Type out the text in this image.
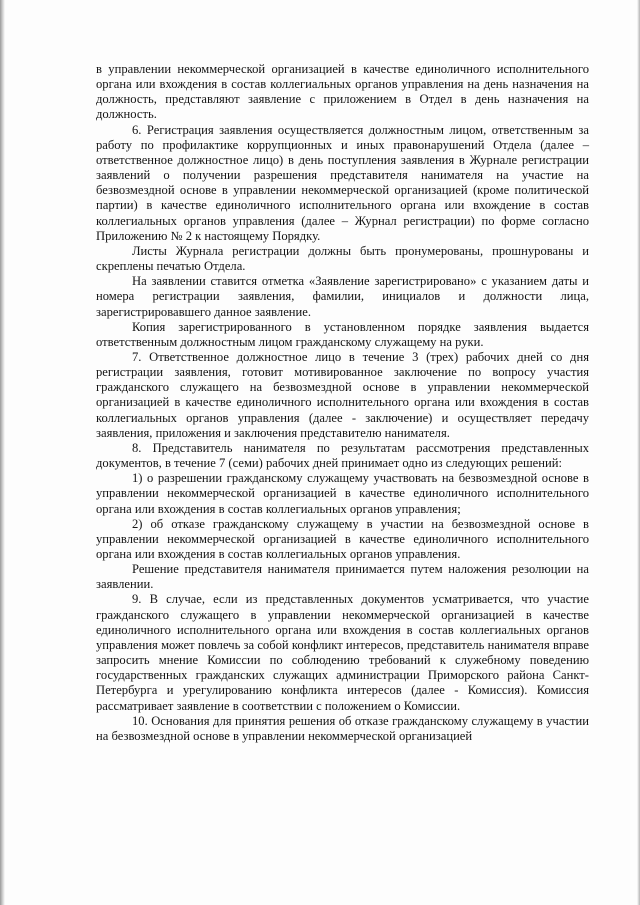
в управлении некоммерческой организацией в качестве единоличного исполнительного органа или вхождения в состав коллегиальных органов управления на день назначения на должность, представляют заявление с приложением в Отдел в день назначения на должность.

6. Регистрация заявления осуществляется должностным лицом, ответственным за работу по профилактике коррупционных и иных правонарушений Отдела (далее – ответственное должностное лицо) в день поступления заявления в Журнале регистрации заявлений о получении разрешения представителя нанимателя на участие на безвозмездной основе в управлении некоммерческой организацией (кроме политической партии) в качестве единоличного исполнительного органа или вхождение в состав коллегиальных органов управления (далее – Журнал регистрации) по форме согласно Приложению № 2 к настоящему Порядку.

Листы Журнала регистрации должны быть пронумерованы, прошнурованы и скреплены печатью Отдела.

На заявлении ставится отметка «Заявление зарегистрировано» с указанием даты и номера регистрации заявления, фамилии, инициалов и должности лица, зарегистрировавшего данное заявление.

Копия зарегистрированного в установленном порядке заявления выдается ответственным должностным лицом гражданскому служащему на руки.

7. Ответственное должностное лицо в течение 3 (трех) рабочих дней со дня регистрации заявления, готовит мотивированное заключение по вопросу участия гражданского служащего на безвозмездной основе в управлении некоммерческой организацией в качестве единоличного исполнительного органа или вхождения в состав коллегиальных органов управления (далее - заключение) и осуществляет передачу заявления, приложения и заключения представителю нанимателя.

8. Представитель нанимателя по результатам рассмотрения представленных документов, в течение 7 (семи) рабочих дней принимает одно из следующих решений:

1) о разрешении гражданскому служащему участвовать на безвозмездной основе в управлении некоммерческой организацией в качестве единоличного исполнительного органа или вхождения в состав коллегиальных органов управления;

2) об отказе гражданскому служащему в участии на безвозмездной основе в управлении некоммерческой организацией в качестве единоличного исполнительного органа или вхождения в состав коллегиальных органов управления.

Решение представителя нанимателя принимается путем наложения резолюции на заявлении.

9. В случае, если из представленных документов усматривается, что участие гражданского служащего в управлении некоммерческой организацией в качестве единоличного исполнительного органа или вхождения в состав коллегиальных органов управления может повлечь за собой конфликт интересов, представитель нанимателя вправе запросить мнение Комиссии по соблюдению требований к служебному поведению государственных гражданских служащих администрации Приморского района Санкт-Петербурга и урегулированию конфликта интересов (далее - Комиссия). Комиссия рассматривает заявление в соответствии с положением о Комиссии.

10. Основания для принятия решения об отказе гражданскому служащему в участии на безвозмездной основе в управлении некоммерческой организацией
